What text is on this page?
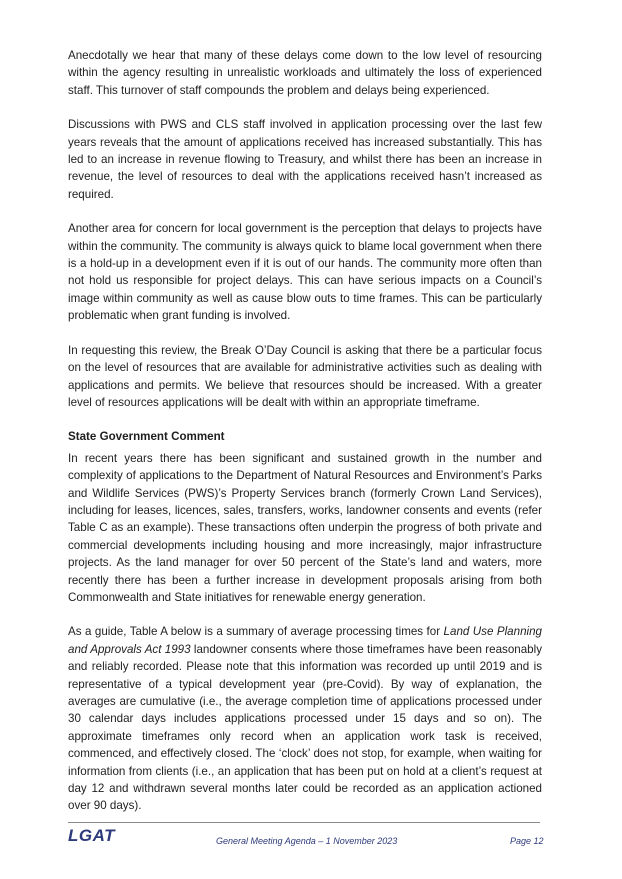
Anecdotally we hear that many of these delays come down to the low level of resourcing within the agency resulting in unrealistic workloads and ultimately the loss of experienced staff. This turnover of staff compounds the problem and delays being experienced.

Discussions with PWS and CLS staff involved in application processing over the last few years reveals that the amount of applications received has increased substantially. This has led to an increase in revenue flowing to Treasury, and whilst there has been an increase in revenue, the level of resources to deal with the applications received hasn’t increased as required.

Another area for concern for local government is the perception that delays to projects have within the community. The community is always quick to blame local government when there is a hold-up in a development even if it is out of our hands. The community more often than not hold us responsible for project delays. This can have serious impacts on a Council’s image within community as well as cause blow outs to time frames. This can be particularly problematic when grant funding is involved.

In requesting this review, the Break O’Day Council is asking that there be a particular focus on the level of resources that are available for administrative activities such as dealing with applications and permits. We believe that resources should be increased. With a greater level of resources applications will be dealt with within an appropriate timeframe.

State Government Comment

In recent years there has been significant and sustained growth in the number and complexity of applications to the Department of Natural Resources and Environment’s Parks and Wildlife Services (PWS)’s Property Services branch (formerly Crown Land Services), including for leases, licences, sales, transfers, works, landowner consents and events (refer Table C as an example). These transactions often underpin the progress of both private and commercial developments including housing and more increasingly, major infrastructure projects. As the land manager for over 50 percent of the State’s land and waters, more recently there has been a further increase in development proposals arising from both Commonwealth and State initiatives for renewable energy generation.

As a guide, Table A below is a summary of average processing times for Land Use Planning and Approvals Act 1993 landowner consents where those timeframes have been reasonably and reliably recorded. Please note that this information was recorded up until 2019 and is representative of a typical development year (pre-Covid). By way of explanation, the averages are cumulative (i.e., the average completion time of applications processed under 30 calendar days includes applications processed under 15 days and so on). The approximate timeframes only record when an application work task is received, commenced, and effectively closed. The ‘clock’ does not stop, for example, when waiting for information from clients (i.e., an application that has been put on hold at a client’s request at day 12 and withdrawn several months later could be recorded as an application actioned over 90 days).

LGAT	General Meeting Agenda – 1 November 2023	Page 12
